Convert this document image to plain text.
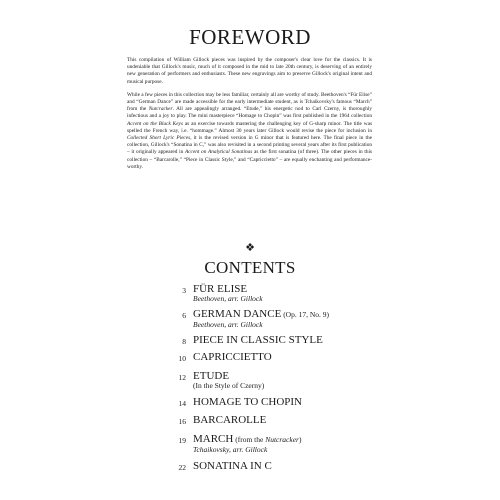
FOREWORD

This compilation of William Gillock pieces was inspired by the composer's clear love for the classics. It is undeniable that Gillock's music, much of it composed in the mid to late 20th century, is deserving of an entirely new generation of performers and enthusiasts. These new engravings aim to preserve Gillock's original intent and musical purpose.

While a few pieces in this collection may be less familiar, certainly all are worthy of study. Beethoven's “Für Elise” and “German Dance” are made accessible for the early intermediate student, as is Tchaikovsky's famous “March” from the Nutcracker. All are appealingly arranged. “Etude,” his energetic nod to Carl Czerny, is thoroughly infectious and a joy to play. The mini masterpiece “Homage to Chopin” was first published in the 1964 collection Accent on the Black Keys as an exercise towards mastering the challenging key of G-sharp minor. The title was spelled the French way, i.e. “hommage.” Almost 30 years later Gillock would revise the piece for inclusion in Collected Short Lyric Pieces, it is the revised version in G minor that is featured here. The final piece in the collection, Gillock's “Sonatina in C,” was also revisited in a second printing several years after its first publication – it originally appeared in Accent on Analytical Sonatinas as the first sonatina (of three). The other pieces in this collection – “Barcarolle,” “Piece in Classic Style,” and “Capriccietto” – are equally enchanting and performance-worthy.

❖
CONTENTS
3 FÜR ELISE
Beethoven, arr. Gillock
6 GERMAN DANCE (Op. 17, No. 9)
Beethoven, arr. Gillock
8 PIECE IN CLASSIC STYLE
10 CAPRICCIETTO
12 ETUDE
(In the Style of Czerny)
14 HOMAGE TO CHOPIN
16 BARCAROLLE
19 MARCH (from the Nutcracker)
Tchaikovsky, arr. Gillock
22 SONATINA IN C
